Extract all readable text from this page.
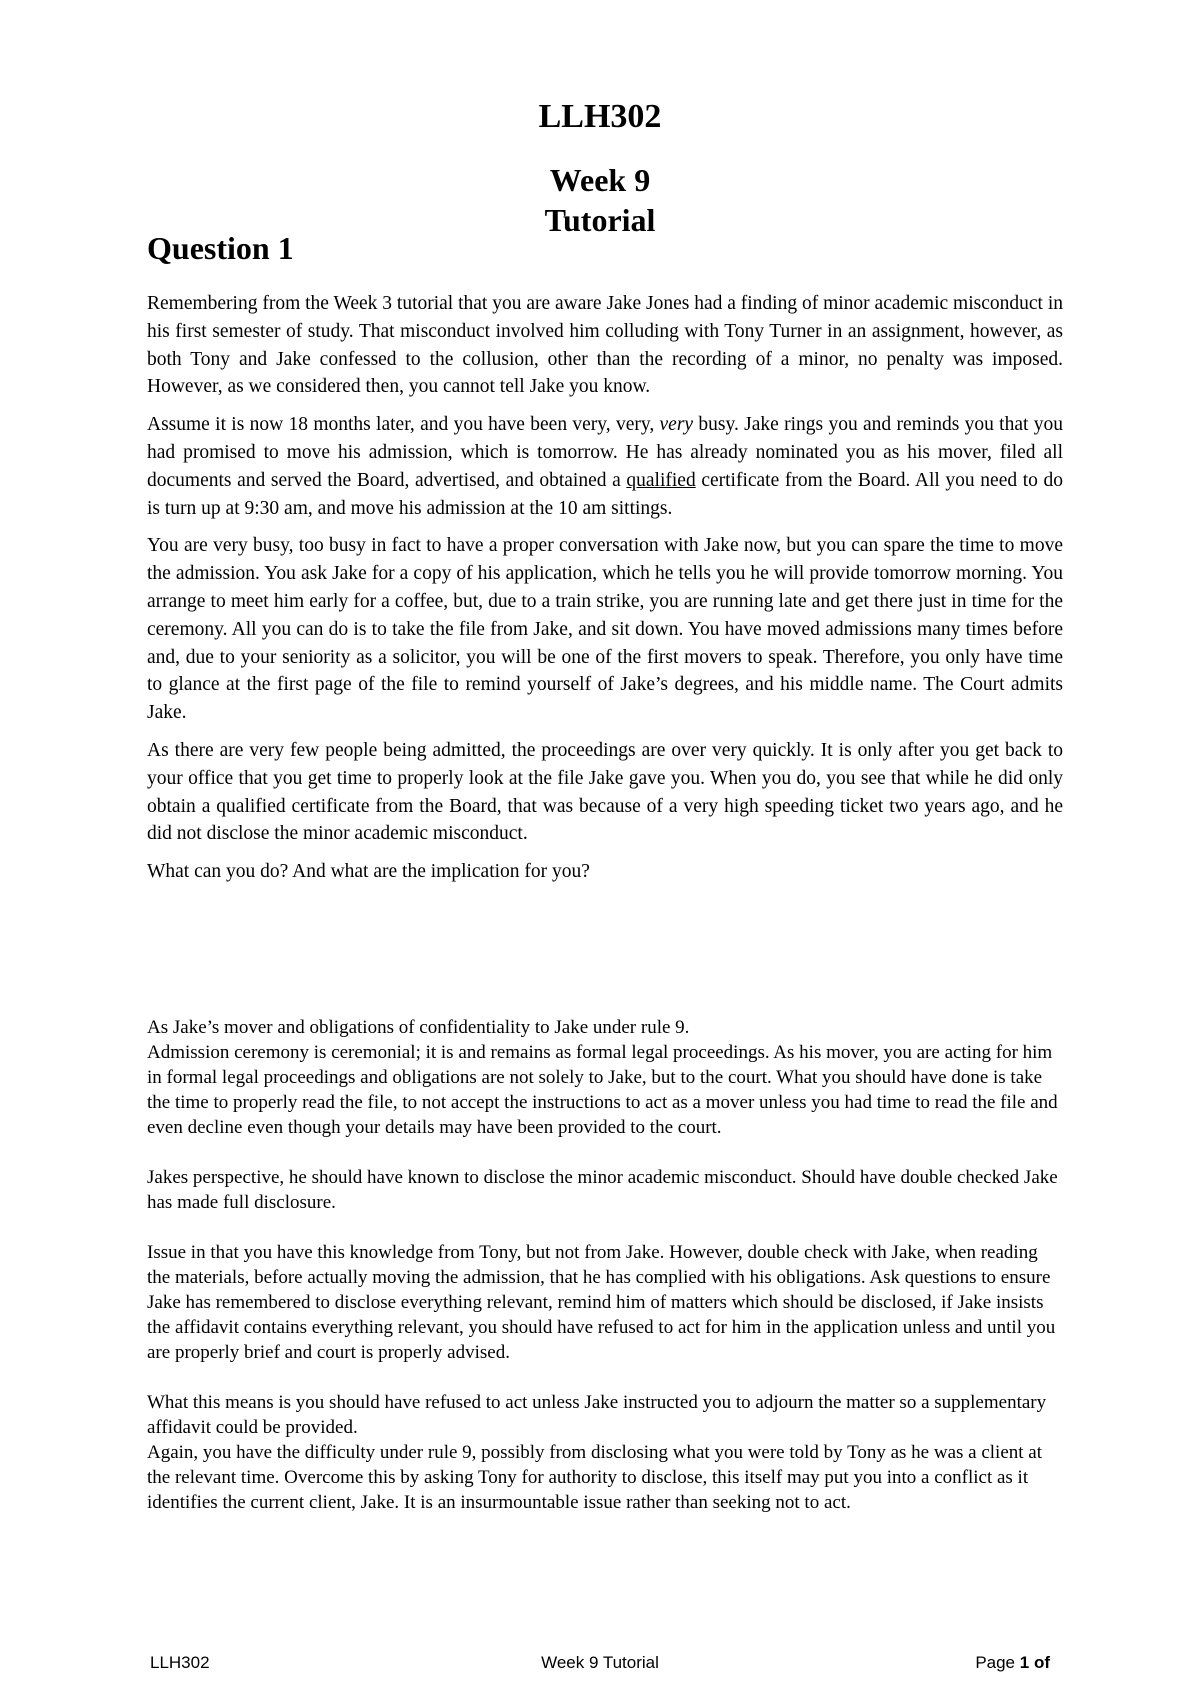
LLH302
Week 9
Tutorial
Question 1

Remembering from the Week 3 tutorial that you are aware Jake Jones had a finding of minor academic misconduct in his first semester of study. That misconduct involved him colluding with Tony Turner in an assignment, however, as both Tony and Jake confessed to the collusion, other than the recording of a minor, no penalty was imposed. However, as we considered then, you cannot tell Jake you know.

Assume it is now 18 months later, and you have been very, very, very busy. Jake rings you and reminds you that you had promised to move his admission, which is tomorrow. He has already nominated you as his mover, filed all documents and served the Board, advertised, and obtained a qualified certificate from the Board. All you need to do is turn up at 9:30 am, and move his admission at the 10 am sittings.

You are very busy, too busy in fact to have a proper conversation with Jake now, but you can spare the time to move the admission. You ask Jake for a copy of his application, which he tells you he will provide tomorrow morning. You arrange to meet him early for a coffee, but, due to a train strike, you are running late and get there just in time for the ceremony. All you can do is to take the file from Jake, and sit down. You have moved admissions many times before and, due to your seniority as a solicitor, you will be one of the first movers to speak. Therefore, you only have time to glance at the first page of the file to remind yourself of Jake’s degrees, and his middle name. The Court admits Jake.

As there are very few people being admitted, the proceedings are over very quickly. It is only after you get back to your office that you get time to properly look at the file Jake gave you. When you do, you see that while he did only obtain a qualified certificate from the Board, that was because of a very high speeding ticket two years ago, and he did not disclose the minor academic misconduct.

What can you do? And what are the implication for you?

As Jake’s mover and obligations of confidentiality to Jake under rule 9.

Admission ceremony is ceremonial; it is and remains as formal legal proceedings. As his mover, you are acting for him in formal legal proceedings and obligations are not solely to Jake, but to the court. What you should have done is take the time to properly read the file, to not accept the instructions to act as a mover unless you had time to read the file and even decline even though your details may have been provided to the court.

Jakes perspective, he should have known to disclose the minor academic misconduct. Should have double checked Jake has made full disclosure.

Issue in that you have this knowledge from Tony, but not from Jake. However, double check with Jake, when reading the materials, before actually moving the admission, that he has complied with his obligations. Ask questions to ensure Jake has remembered to disclose everything relevant, remind him of matters which should be disclosed, if Jake insists the affidavit contains everything relevant, you should have refused to act for him in the application unless and until you are properly brief and court is properly advised.

What this means is you should have refused to act unless Jake instructed you to adjourn the matter so a supplementary affidavit could be provided.

Again, you have the difficulty under rule 9, possibly from disclosing what you were told by Tony as he was a client at the relevant time. Overcome this by asking Tony for authority to disclose, this itself may put you into a conflict as it identifies the current client, Jake. It is an insurmountable issue rather than seeking not to act.

LLH302	Week 9 Tutorial	Page 1 of
